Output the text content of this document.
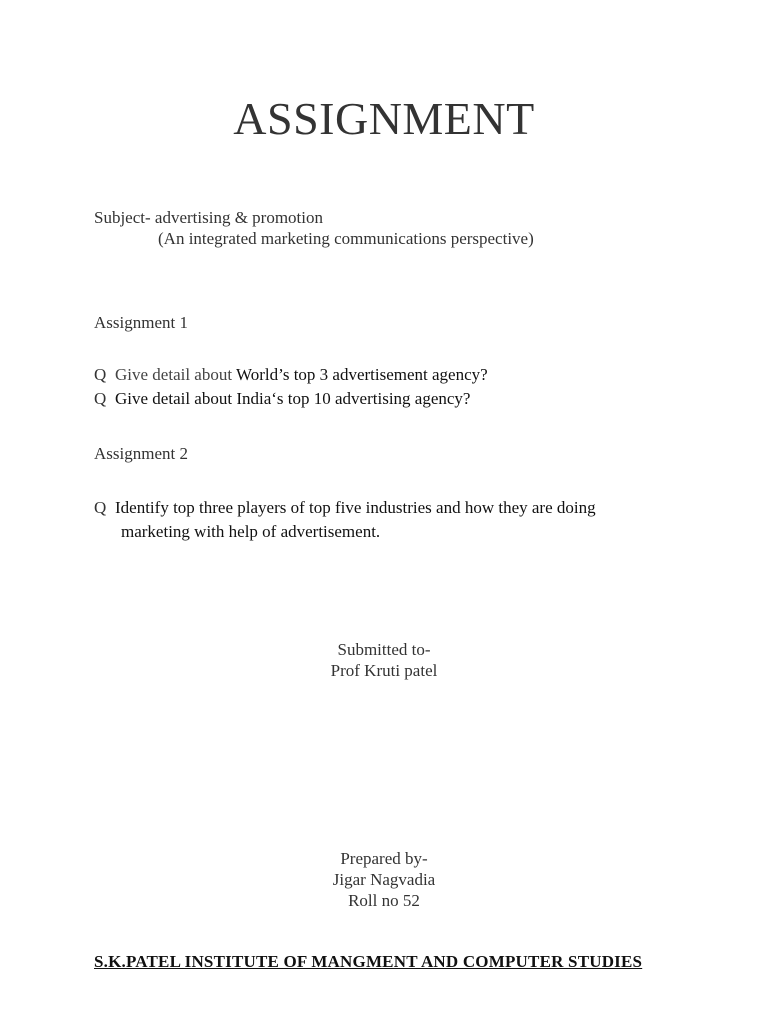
ASSIGNMENT
Subject- advertising & promotion
(An integrated marketing communications perspective)
Assignment 1
Q Give detail about World’s top 3 advertisement agency?
Q Give detail about India‘s top 10 advertising agency?
Assignment 2
Q Identify top three players of top five industries and how they are doing
marketing with help of advertisement.
Submitted to-
Prof Kruti patel
Prepared by-
Jigar Nagvadia
Roll no 52
S.K.PATEL INSTITUTE OF MANGMENT AND COMPUTER STUDIES
